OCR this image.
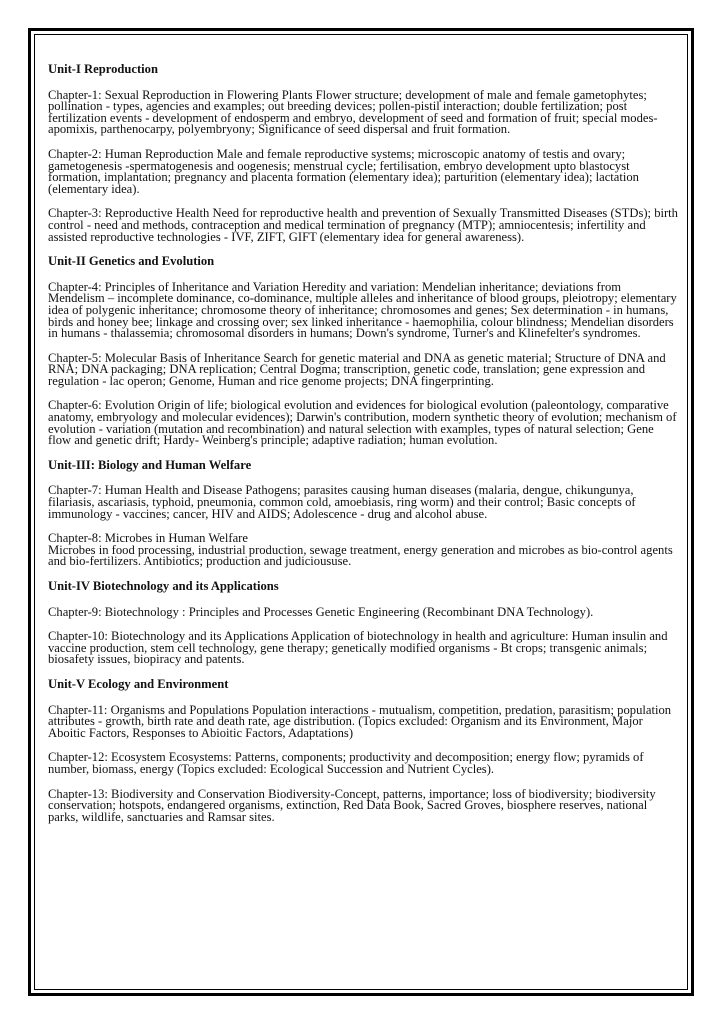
Unit-I Reproduction
Chapter-1: Sexual Reproduction in Flowering Plants Flower structure; development of male and female gametophytes; pollination - types, agencies and examples; out breeding devices; pollen-pistil interaction; double fertilization; post fertilization events - development of endosperm and embryo, development of seed and formation of fruit; special modes- apomixis, parthenocarpy, polyembryony; Significance of seed dispersal and fruit formation.
Chapter-2: Human Reproduction Male and female reproductive systems; microscopic anatomy of testis and ovary; gametogenesis -spermatogenesis and oogenesis; menstrual cycle; fertilisation, embryo development upto blastocyst formation, implantation; pregnancy and placenta formation (elementary idea); parturition (elementary idea); lactation (elementary idea).
Chapter-3: Reproductive Health Need for reproductive health and prevention of Sexually Transmitted Diseases (STDs); birth control - need and methods, contraception and medical termination of pregnancy (MTP); amniocentesis; infertility and assisted reproductive technologies - IVF, ZIFT, GIFT (elementary idea for general awareness).
Unit-II Genetics and Evolution
Chapter-4: Principles of Inheritance and Variation Heredity and variation: Mendelian inheritance; deviations from Mendelism – incomplete dominance, co-dominance, multiple alleles and inheritance of blood groups, pleiotropy; elementary idea of polygenic inheritance; chromosome theory of inheritance; chromosomes and genes; Sex determination - in humans, birds and honey bee; linkage and crossing over; sex linked inheritance - haemophilia, colour blindness; Mendelian disorders in humans - thalassemia; chromosomal disorders in humans; Down's syndrome, Turner's and Klinefelter's syndromes.
Chapter-5: Molecular Basis of Inheritance Search for genetic material and DNA as genetic material; Structure of DNA and RNA; DNA packaging; DNA replication; Central Dogma; transcription, genetic code, translation; gene expression and regulation - lac operon; Genome, Human and rice genome projects; DNA fingerprinting.
Chapter-6: Evolution Origin of life; biological evolution and evidences for biological evolution (paleontology, comparative anatomy, embryology and molecular evidences); Darwin's contribution, modern synthetic theory of evolution; mechanism of evolution - variation (mutation and recombination) and natural selection with examples, types of natural selection; Gene flow and genetic drift; Hardy- Weinberg's principle; adaptive radiation; human evolution.
Unit-III: Biology and Human Welfare
Chapter-7: Human Health and Disease Pathogens; parasites causing human diseases (malaria, dengue, chikungunya, filariasis, ascariasis, typhoid, pneumonia, common cold, amoebiasis, ring worm) and their control; Basic concepts of immunology - vaccines; cancer, HIV and AIDS; Adolescence - drug and alcohol abuse.
Chapter-8: Microbes in Human Welfare
Microbes in food processing, industrial production, sewage treatment, energy generation and microbes as bio-control agents and bio-fertilizers. Antibiotics; production and judicioususe.
Unit-IV Biotechnology and its Applications
Chapter-9: Biotechnology : Principles and Processes Genetic Engineering (Recombinant DNA Technology).
Chapter-10: Biotechnology and its Applications Application of biotechnology in health and agriculture: Human insulin and vaccine production, stem cell technology, gene therapy; genetically modified organisms - Bt crops; transgenic animals; biosafety issues, biopiracy and patents.
Unit-V Ecology and Environment
Chapter-11: Organisms and Populations Population interactions - mutualism, competition, predation, parasitism; population attributes - growth, birth rate and death rate, age distribution. (Topics excluded: Organism and its Environment, Major Aboitic Factors, Responses to Abioitic Factors, Adaptations)
Chapter-12: Ecosystem Ecosystems: Patterns, components; productivity and decomposition; energy flow; pyramids of number, biomass, energy (Topics excluded: Ecological Succession and Nutrient Cycles).
Chapter-13: Biodiversity and Conservation Biodiversity-Concept, patterns, importance; loss of biodiversity; biodiversity conservation; hotspots, endangered organisms, extinction, Red Data Book, Sacred Groves, biosphere reserves, national parks, wildlife, sanctuaries and Ramsar sites.
